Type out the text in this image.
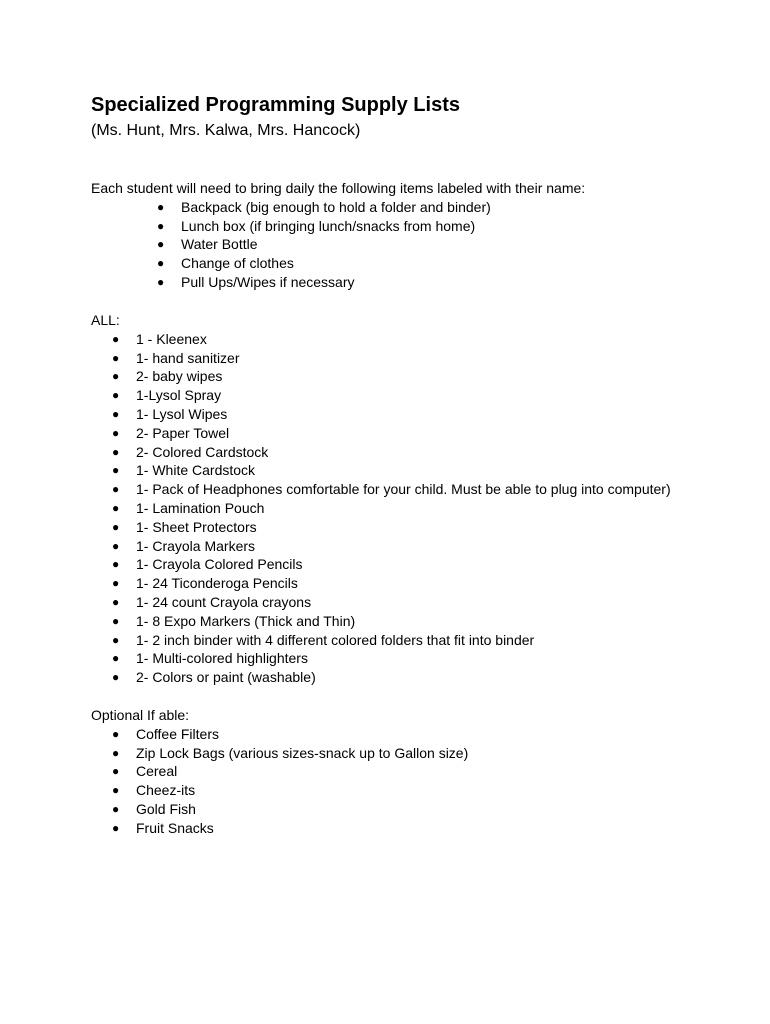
Specialized Programming Supply Lists
(Ms. Hunt, Mrs. Kalwa, Mrs. Hancock)

Each student will need to bring daily the following items labeled with their name:

● Backpack (big enough to hold a folder and binder)
● Lunch box (if bringing lunch/snacks from home)
● Water Bottle
● Change of clothes
● Pull Ups/Wipes if necessary

ALL:

● 1 - Kleenex
● 1- hand sanitizer
● 2- baby wipes
● 1-Lysol Spray
● 1- Lysol Wipes
● 2- Paper Towel
● 2- Colored Cardstock
● 1- White Cardstock
● 1- Pack of Headphones comfortable for your child. Must be able to plug into computer)
● 1- Lamination Pouch
● 1- Sheet Protectors
● 1- Crayola Markers
● 1- Crayola Colored Pencils
● 1- 24 Ticonderoga Pencils
● 1- 24 count Crayola crayons
● 1- 8 Expo Markers (Thick and Thin)
● 1- 2 inch binder with 4 different colored folders that fit into binder
● 1- Multi-colored highlighters
● 2- Colors or paint (washable)

Optional If able:

● Coffee Filters
● Zip Lock Bags (various sizes-snack up to Gallon size)
● Cereal
● Cheez-its
● Gold Fish
● Fruit Snacks
